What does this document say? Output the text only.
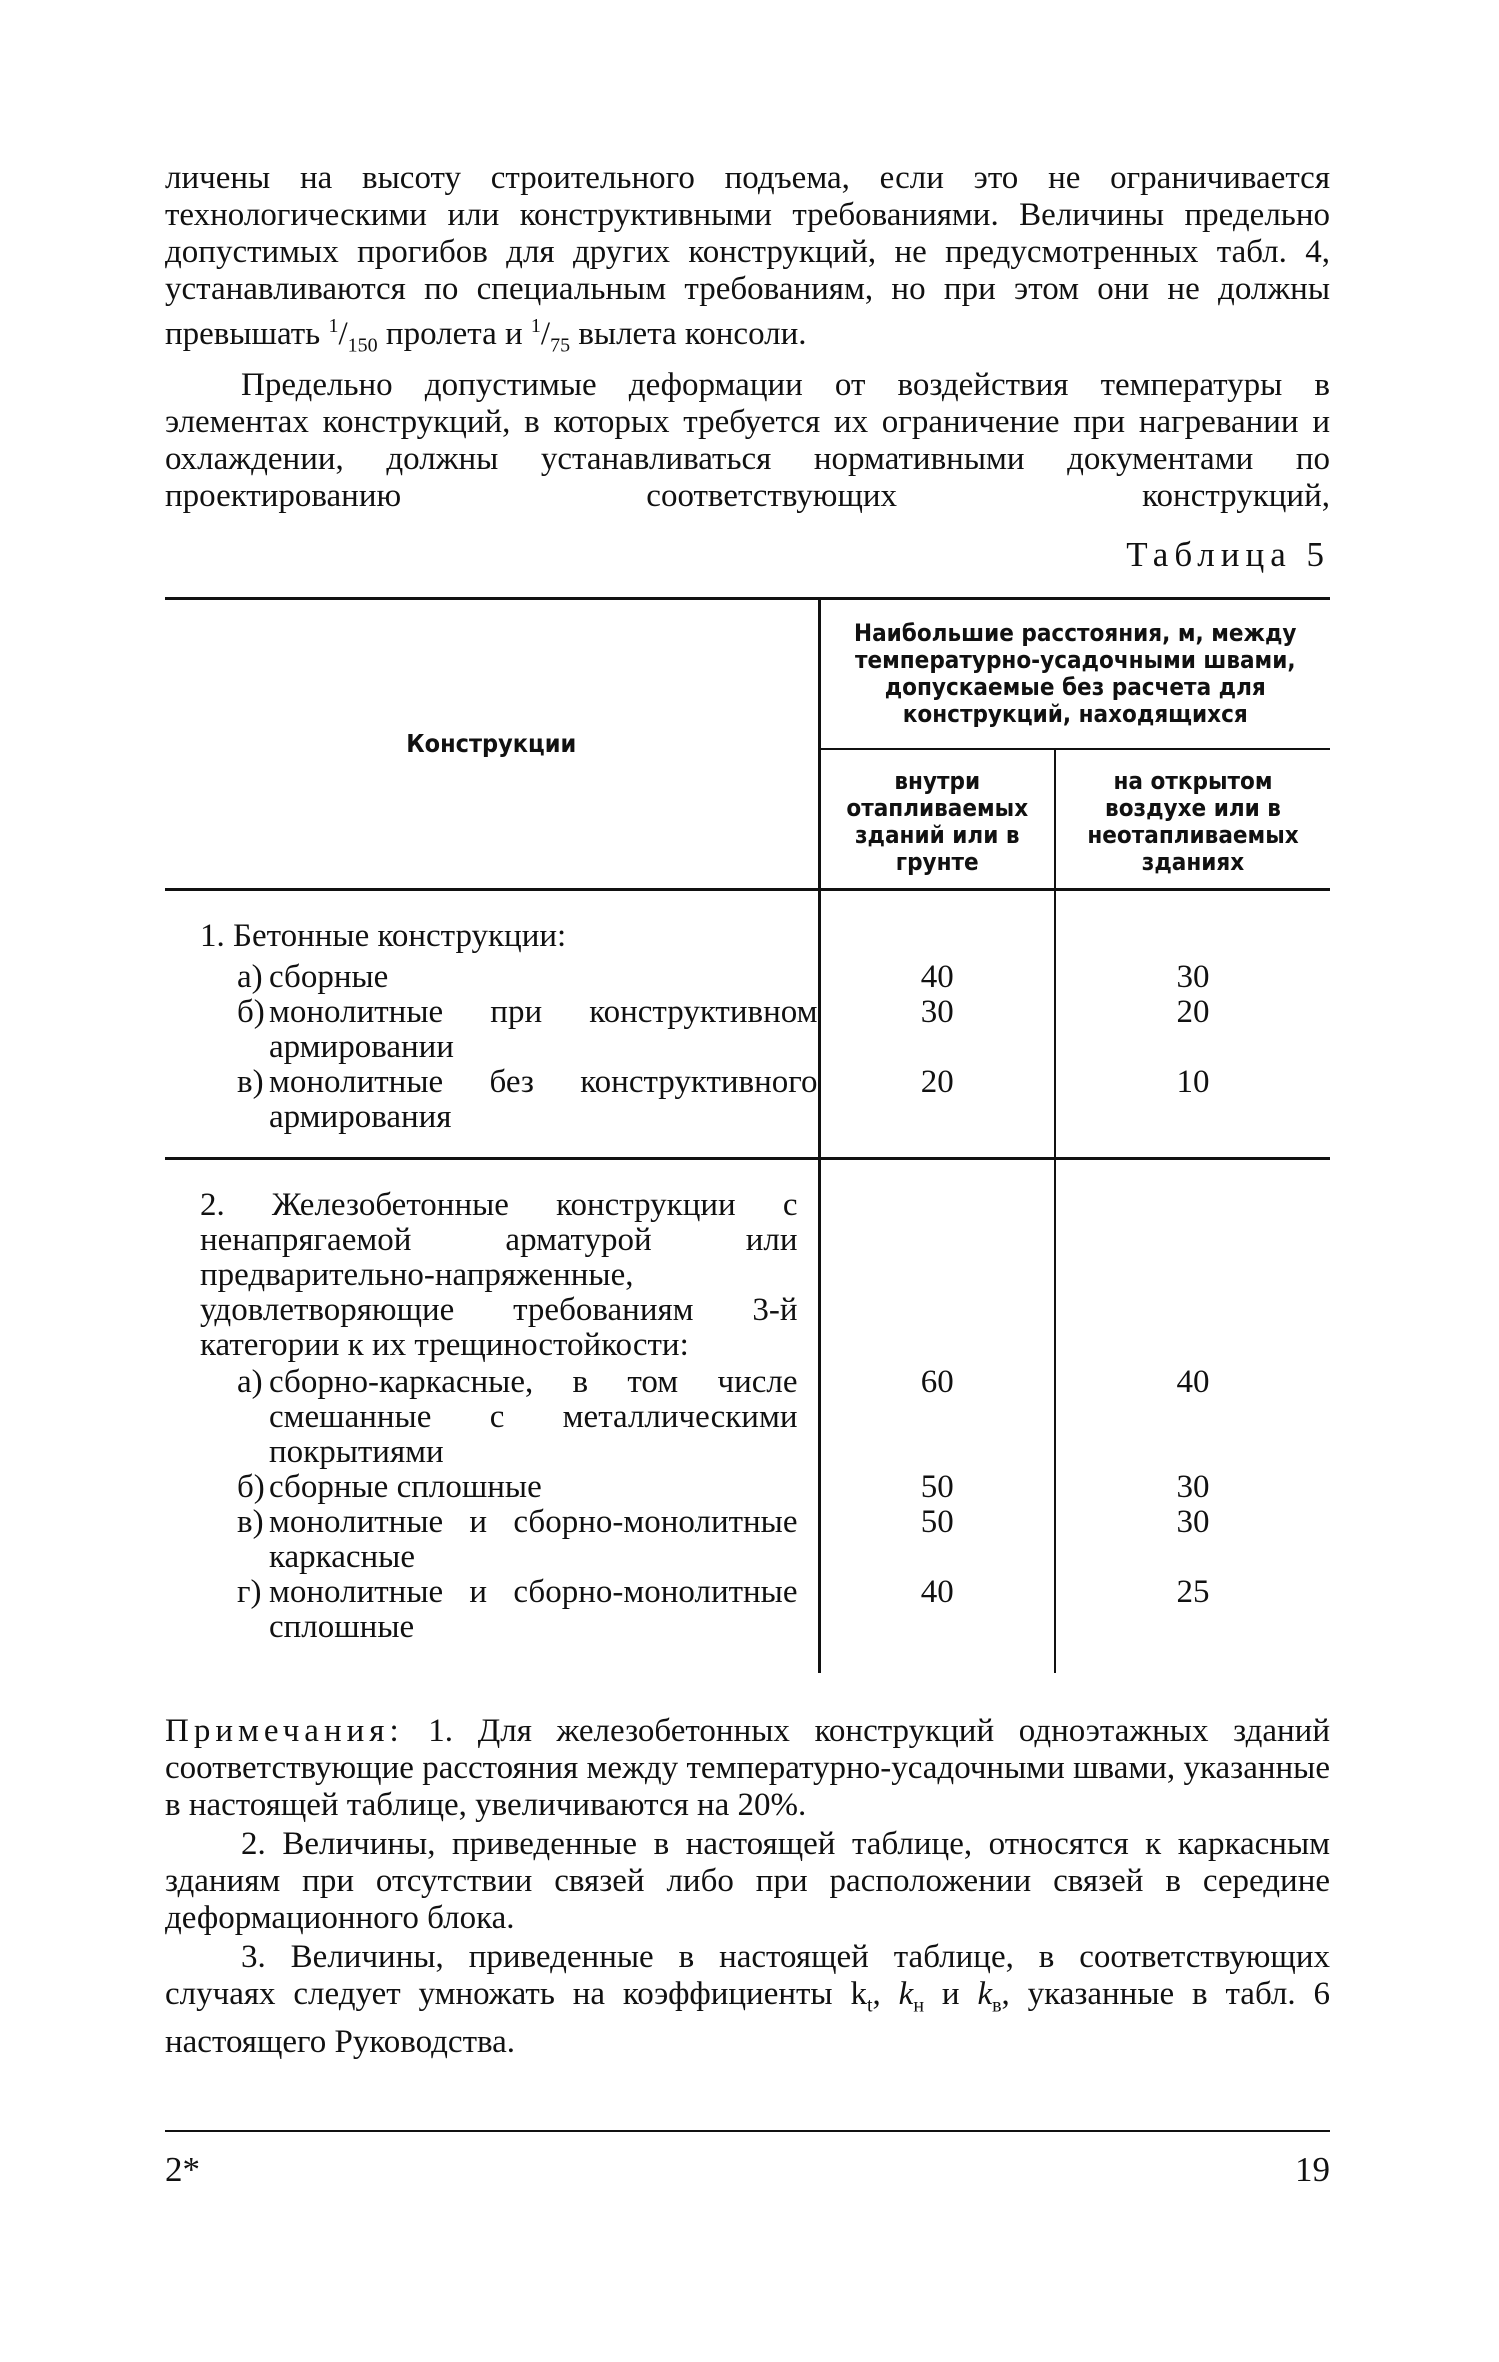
личены на высоту строительного подъема, если это не ограничивается технологическими или конструктивными требованиями. Величины предельно допустимых прогибов для других конструкций, не предусмотренных табл. 4, устанавливаются по специальным требованиям, но при этом они не должны превышать $^1/_{150}$ пролета и $^1/_{75}$ вылета консоли.

Предельно допустимые деформации от воздействия температуры в элементах конструкций, в которых требуется их ограничение при нагревании и охлаждении, должны устанавливаться нормативными документами по проектированию соответствующих конструкций,

Таблица 5
Конструкции	Наибольшие расстояния, м, между температурно-усадочными швами, допускаемые без расчета для конструкций, находящихся	
	внутри отапливаемых зданий или в грунте	на открытом воздухе или в неотапливаемых зданиях
1. Бетонные конструкции:		

а) сборные	40	30

б) монолитные при конструктивном армировании	30	20

в) монолитные без конструктивного армирования	20	10
2. Железобетонные конструкции с ненапрягаемой арматурой или предварительно-напряженные, удовлетворяющие требованиям 3-й категории к их трещиностойкости:		

а) сборно-каркасные, в том числе смешанные с металлическими покрытиями	60	40

б) сборные сплошные	50	30

в) монолитные и сборно-монолитные каркасные	50	30

г) монолитные и сборно-монолитные сплошные	40	25

Примечания: 1. Для железобетонных конструкций одноэтажных зданий соответствующие расстояния между температурно-усадочными швами, указанные в настоящей таблице, увеличиваются на 20%.

2. Величины, приведенные в настоящей таблице, относятся к каркасным зданиям при отсутствии связей либо при расположении связей в середине деформационного блока.

3. Величины, приведенные в настоящей таблице, в соответствующих случаях следует умножать на коэффициенты $k_t$, $k_н$ и $k_в$, указанные в табл. 6 настоящего Руководства.

2*	19
